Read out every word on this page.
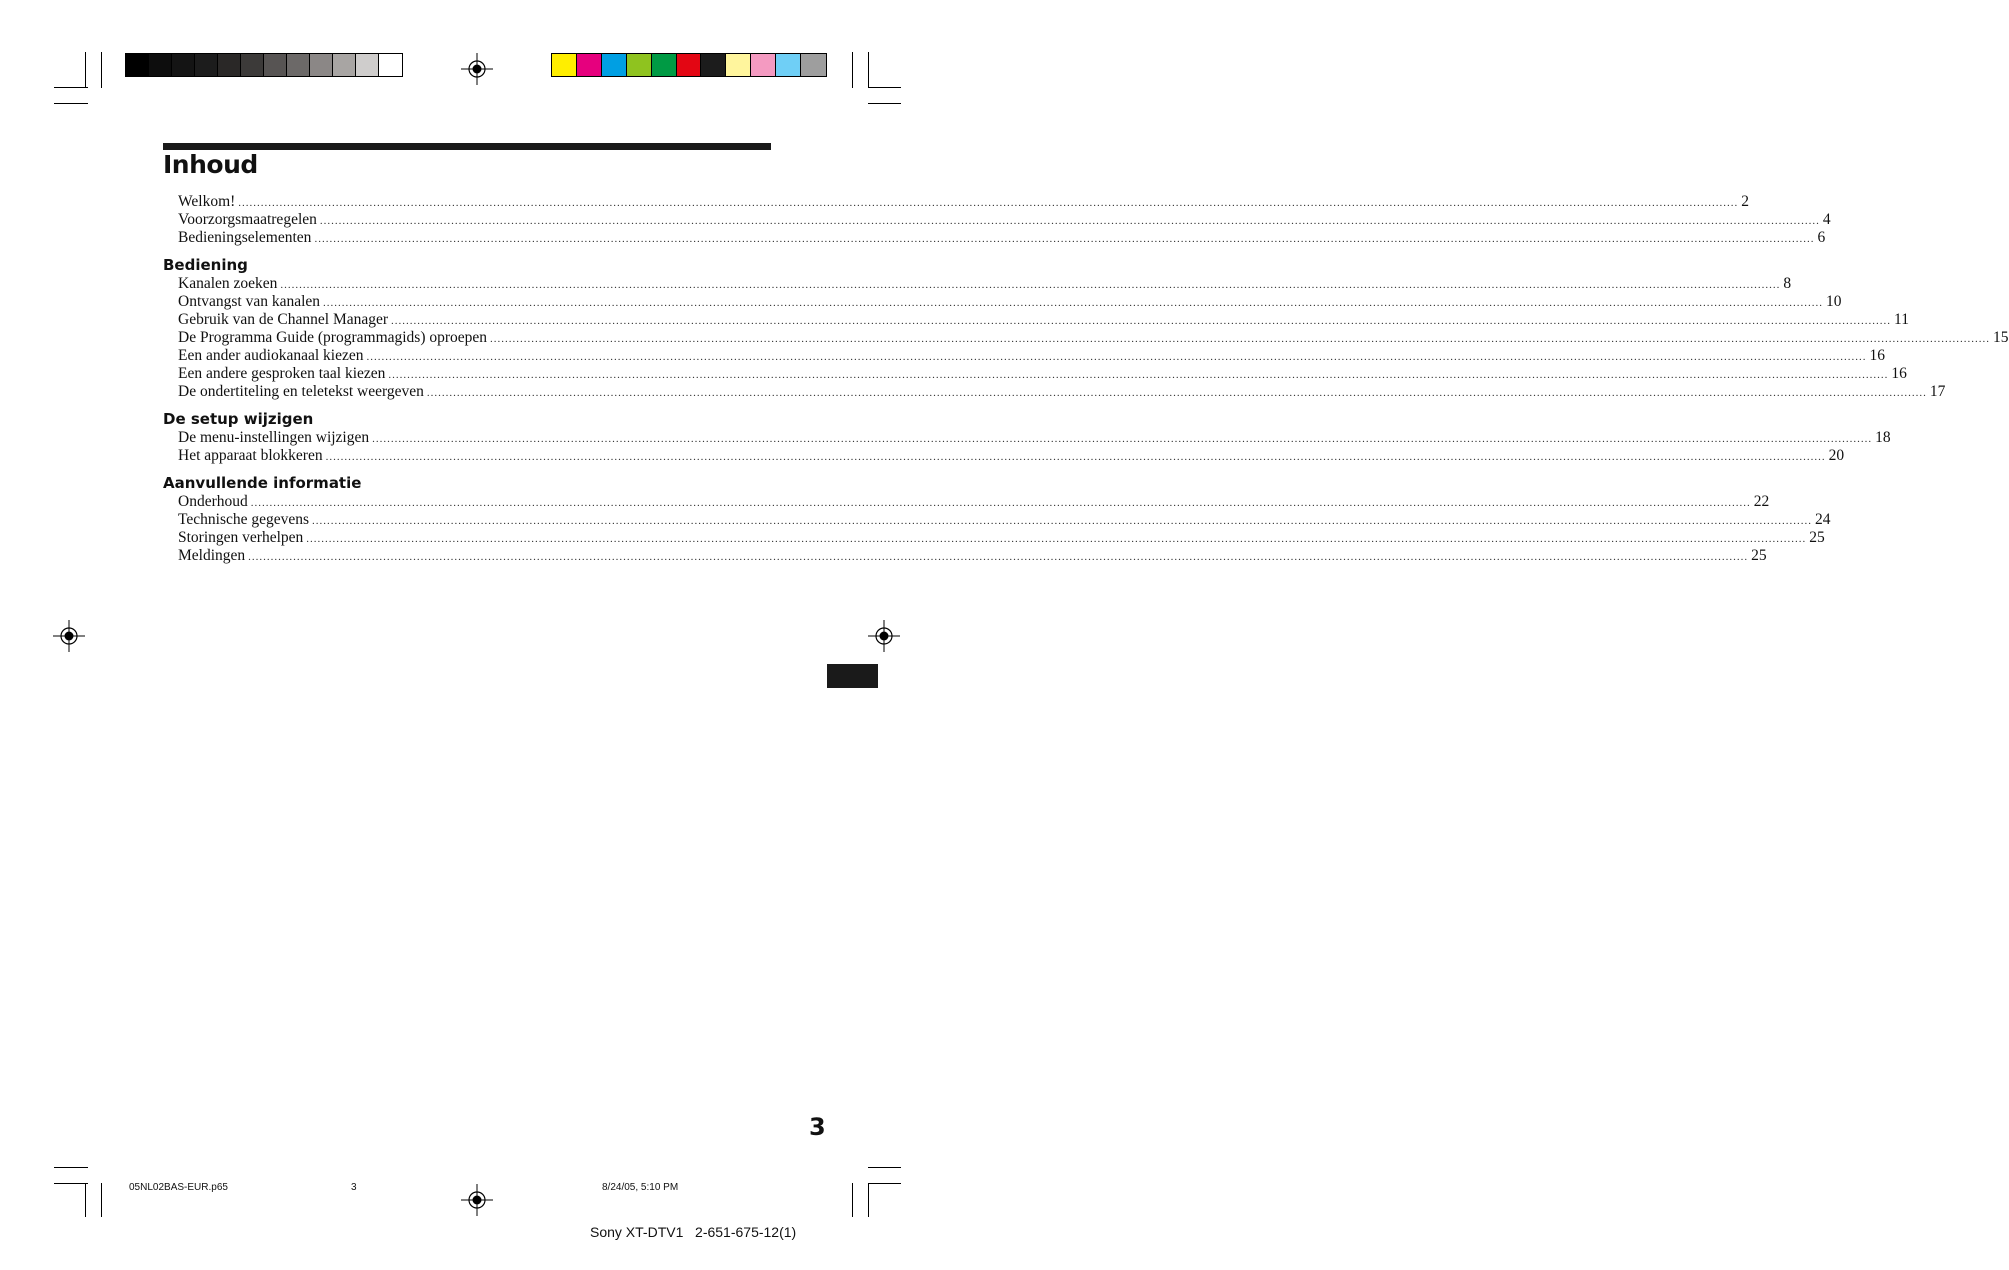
Inhoud
Welkom! ................................................................................................................................................................................................................................................................................................................................................................................................................ 2
Voorzorgsmaatregelen ................................................................................................................................................................................................................................................................................................................................................................................................................ 4
Bedieningselementen ................................................................................................................................................................................................................................................................................................................................................................................................................ 6
Bediening
Kanalen zoeken ................................................................................................................................................................................................................................................................................................................................................................................................................ 8
Ontvangst van kanalen ................................................................................................................................................................................................................................................................................................................................................................................................................ 10
Gebruik van de Channel Manager ................................................................................................................................................................................................................................................................................................................................................................................................................ 11
De Programma Guide (programmagids) oproepen ................................................................................................................................................................................................................................................................................................................................................................................................................ 15
Een ander audiokanaal kiezen ................................................................................................................................................................................................................................................................................................................................................................................................................ 16
Een andere gesproken taal kiezen ................................................................................................................................................................................................................................................................................................................................................................................................................ 16
De ondertiteling en teletekst weergeven ................................................................................................................................................................................................................................................................................................................................................................................................................ 17
De setup wijzigen
De menu-instellingen wijzigen ................................................................................................................................................................................................................................................................................................................................................................................................................ 18
Het apparaat blokkeren ................................................................................................................................................................................................................................................................................................................................................................................................................ 20
Aanvullende informatie
Onderhoud ................................................................................................................................................................................................................................................................................................................................................................................................................ 22
Technische gegevens ................................................................................................................................................................................................................................................................................................................................................................................................................ 24
Storingen verhelpen ................................................................................................................................................................................................................................................................................................................................................................................................................ 25
Meldingen ................................................................................................................................................................................................................................................................................................................................................................................................................ 25
3
05NL02BAS-EUR.p65	3	8/24/05, 5:10 PM
Sony XT-DTV1   2-651-675-12(1)
